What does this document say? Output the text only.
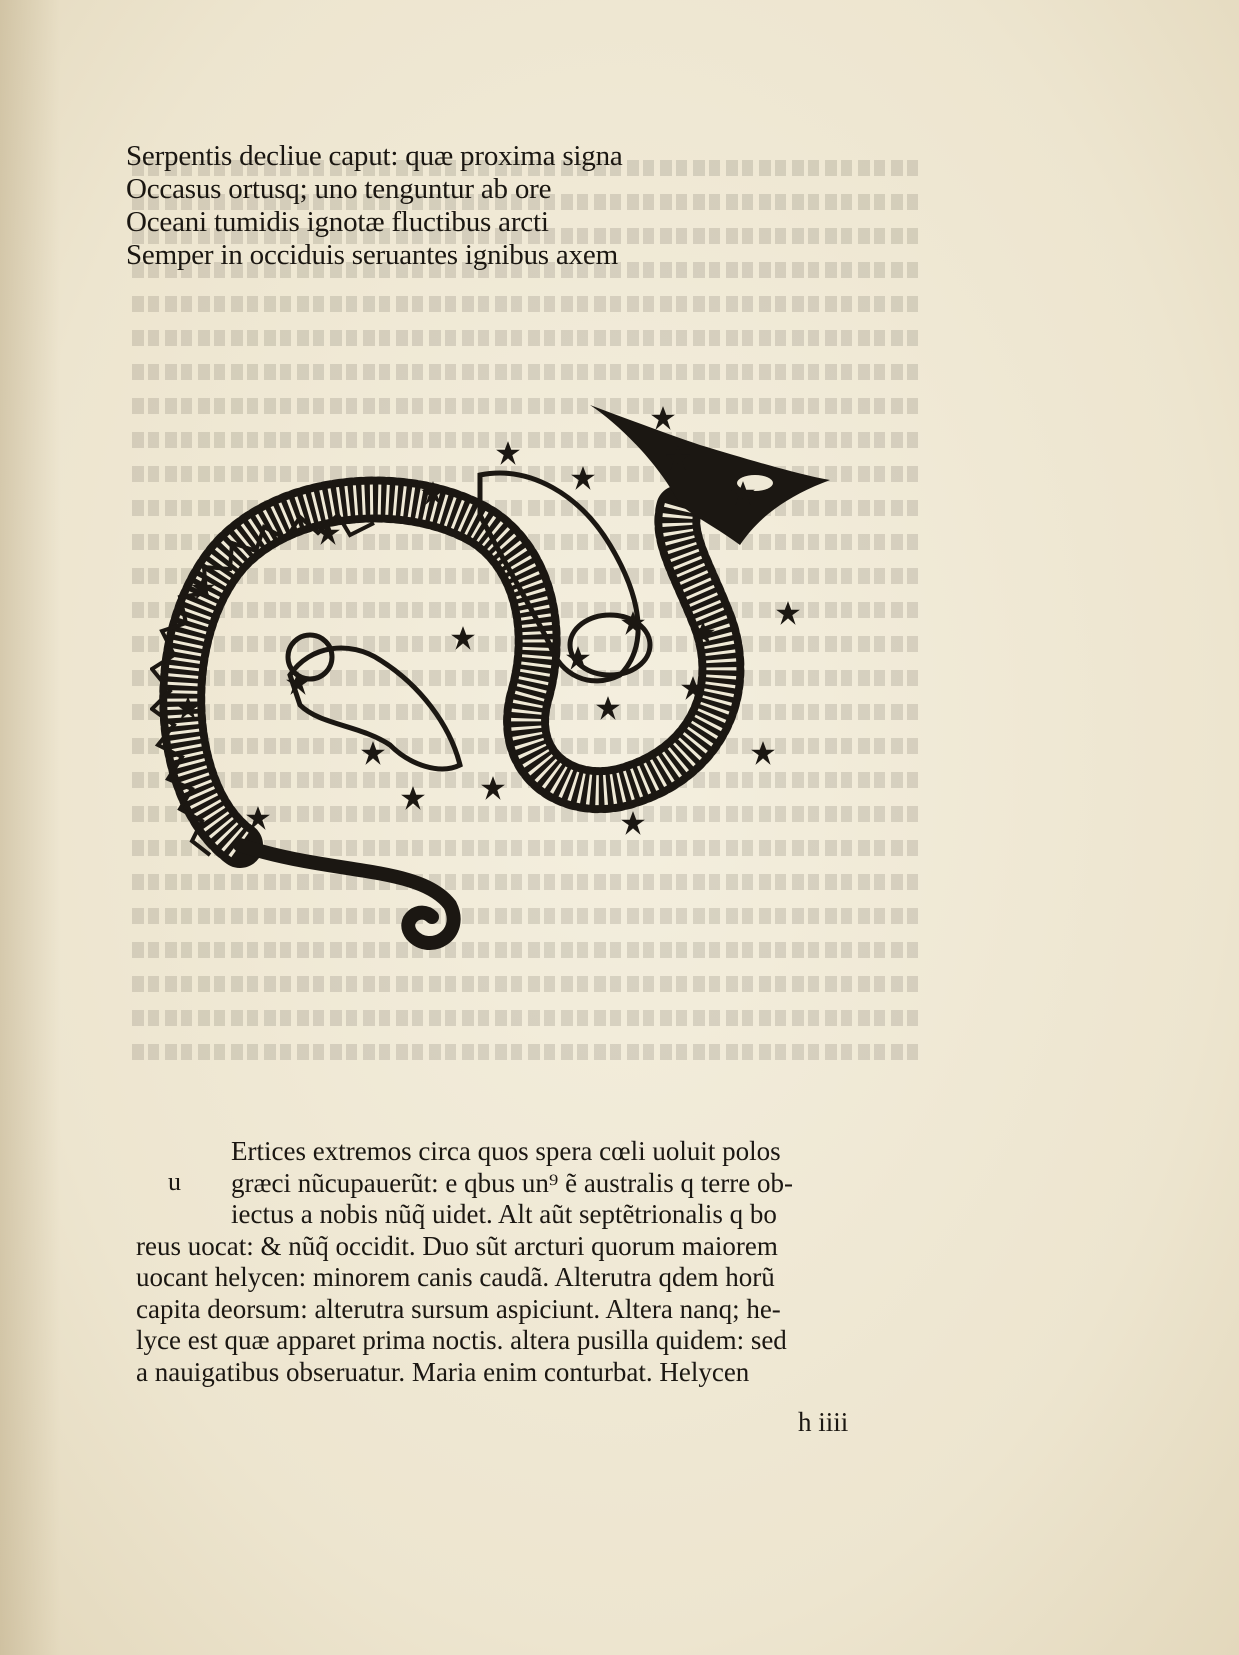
Serpentis decliue caput: quæ proxima signa
Occasus ortusq; uno tenguntur ab ore
Oceani tumidis ignotæ fluctibus arcti
Semper in occiduis seruantes ignibus axem
u
Ertices extremos circa quos spera cœli uoluit polos
græci nũcupauerũt: e qbus un⁹ ẽ australis q terre ob-
iectus a nobis nũq̃ uidet. Alt aũt septẽtrionalis q bo
reus uocat: & nũq̃ occidit. Duo sũt arcturi quorum maiorem
uocant helycen: minorem canis caudã. Alterutra qdem horũ
capita deorsum: alterutra sursum aspiciunt. Altera nanq; he-
lyce est quæ apparet prima noctis. altera pusilla quidem: sed
a nauigatibus obseruatur. Maria enim conturbat. Helycen
h iiii
